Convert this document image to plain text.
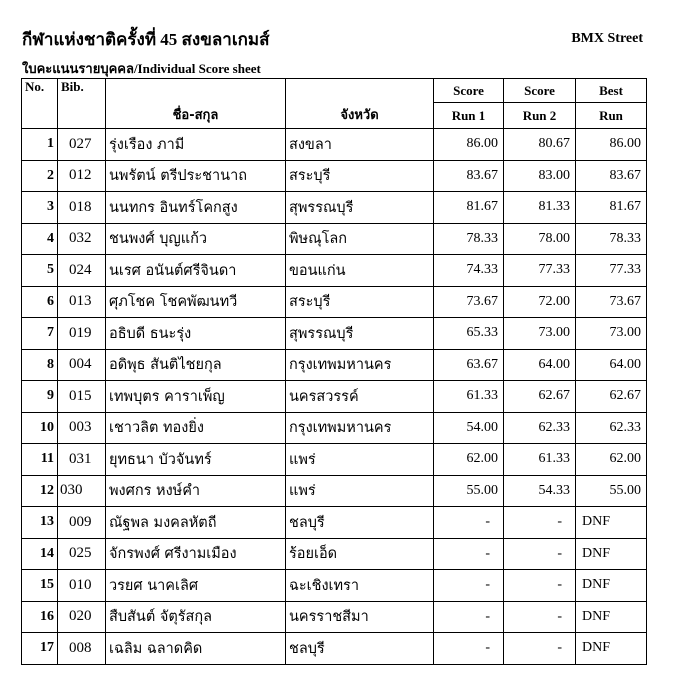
กีฬาแห่งชาติครั้งที่ 45 สงขลาเกมส์	BMX Street
ใบคะแนนรายบุคคล/Individual Score sheet
No.	Bib.	ชื่อ-สกุล	จังหวัด	Score	Score	Best
				Run 1	Run 2	Run
1	027	รุ่งเรือง ภามี	สงขลา	86.00	80.67	86.00
2	012	นพรัตน์ ตรีประชานาถ	สระบุรี	83.67	83.00	83.67
3	018	นนทกร อินทร์โคกสูง	สุพรรณบุรี	81.67	81.33	81.67
4	032	ชนพงศ์ บุญแก้ว	พิษณุโลก	78.33	78.00	78.33
5	024	นเรศ อนันต์ศรีจินดา	ขอนแก่น	74.33	77.33	77.33
6	013	ศุภโชค โชคพัฒนทวี	สระบุรี	73.67	72.00	73.67
7	019	อธิบดี ธนะรุ่ง	สุพรรณบุรี	65.33	73.00	73.00
8	004	อดิพุธ สันติไชยกุล	กรุงเทพมหานคร	63.67	64.00	64.00
9	015	เทพบุตร คาราเพ็ญ	นครสวรรค์	61.33	62.67	62.67
10	003	เชาวลิต ทองยิ่ง	กรุงเทพมหานคร	54.00	62.33	62.33
11	031	ยุทธนา บัวจันทร์	แพร่	62.00	61.33	62.00
12	030	พงศกร หงษ์คำ	แพร่	55.00	54.33	55.00
13	009	ณัฐพล มงคลหัตถี	ชลบุรี	-	-	DNF
14	025	จักรพงศ์ ศรีงามเมือง	ร้อยเอ็ด	-	-	DNF
15	010	วรยศ นาคเลิศ	ฉะเชิงเทรา	-	-	DNF
16	020	สืบสันต์ จัตุรัสกุล	นครราชสีมา	-	-	DNF
17	008	เฉลิม ฉลาดคิด	ชลบุรี	-	-	DNF
